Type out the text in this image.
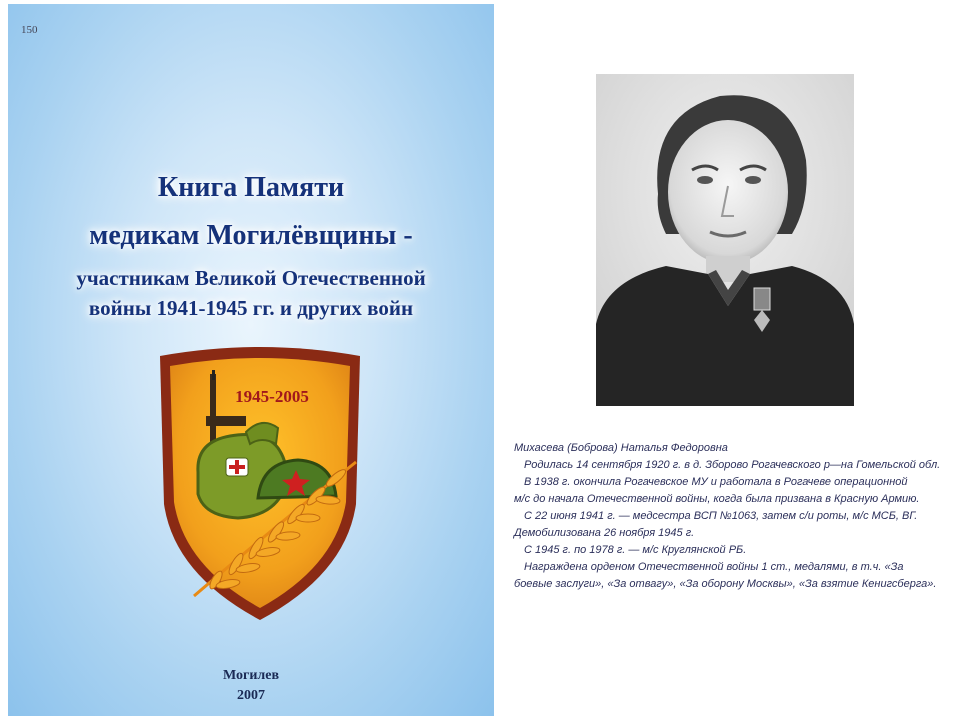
150
Книга Памяти
медикам Могилёвщины -
участникам Великой Отечественной
войны 1941-1945 гг. и других войн
1945-2005
Могилев
2007

Михасева (Боброва) Наталья Федоровна

Родилась 14 сентября 1920 г. в д. Зборово Рогачевского р—на Гомельской обл.

В 1938 г. окончила Рогачевское МУ и работала в Рогачеве операционной

м/с до начала Отечественной войны, когда была призвана в Красную Армию.

С 22 июня 1941 г. — медсестра ВСП №1063, затем с/и роты, м/с МСБ, ВГ.

Демобилизована 26 ноября 1945 г.

С 1945 г. по 1978 г. — м/с Круглянской РБ.

Награждена орденом Отечественной войны 1 ст., медалями, в т.ч. «За

боевые заслуги», «За отвагу», «За оборону Москвы», «За взятие Кенигсберга».
